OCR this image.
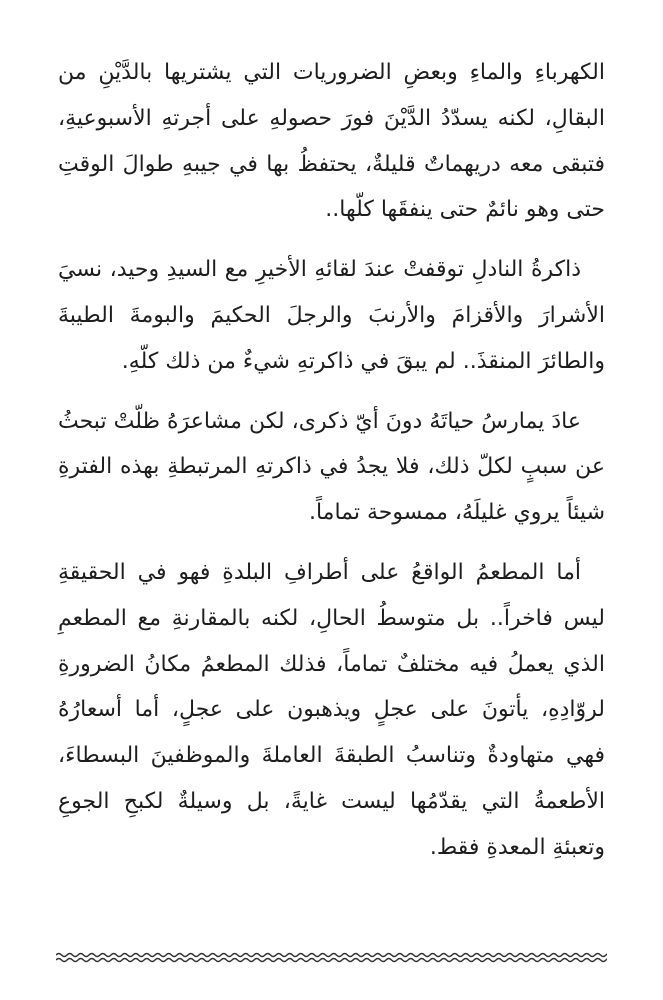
الكهرباءِ والماءِ وبعضِ الضروريات التي يشتريها بالدَّيْنِ من البقالِ، لكنه يسدّدُ الدَّيْنَ فورَ حصولهِ على أجرتهِ الأسبوعيةِ، فتبقى معه دريهماتٌ قليلةٌ، يحتفظُ بها في جيبهِ طوالَ الوقتِ حتى وهو نائمٌ حتى ينفقَها كلّها..

ذاكرةُ النادلِ توقفتْ عندَ لقائهِ الأخيرِ مع السيدِ وحيد، نسيَ الأشرارَ والأقزامَ والأرنبَ والرجلَ الحكيمَ والبومةَ الطيبةَ والطائرَ المنقذَ.. لم يبقَ في ذاكرتهِ شيءٌ من ذلك كلّهِ.

عادَ يمارسُ حياتَهُ دونَ أيّ ذكرى، لكن مشاعرَهُ ظلّتْ تبحثُ عن سببٍ لكلّ ذلك، فلا يجدُ في ذاكرتهِ المرتبطةِ بهذه الفترةِ شيئاً يروي غليلَهُ، ممسوحة تماماً.

أما المطعمُ الواقعُ على أطرافِ البلدةِ فهو في الحقيقةِ ليس فاخراً.. بل متوسطُ الحالِ، لكنه بالمقارنةِ مع المطعمِ الذي يعملُ فيه مختلفٌ تماماً، فذلك المطعمُ مكانُ الضرورةِ لروّادِهِ، يأتونَ على عجلٍ ويذهبون على عجلٍ، أما أسعارُهُ فهي متهاودةٌ وتناسبُ الطبقةَ العاملةَ والموظفينَ البسطاءَ، الأطعمةُ التي يقدّمُها ليست غايةً، بل وسيلةٌ لكبحِ الجوعِ وتعبئةِ المعدةِ فقط.
